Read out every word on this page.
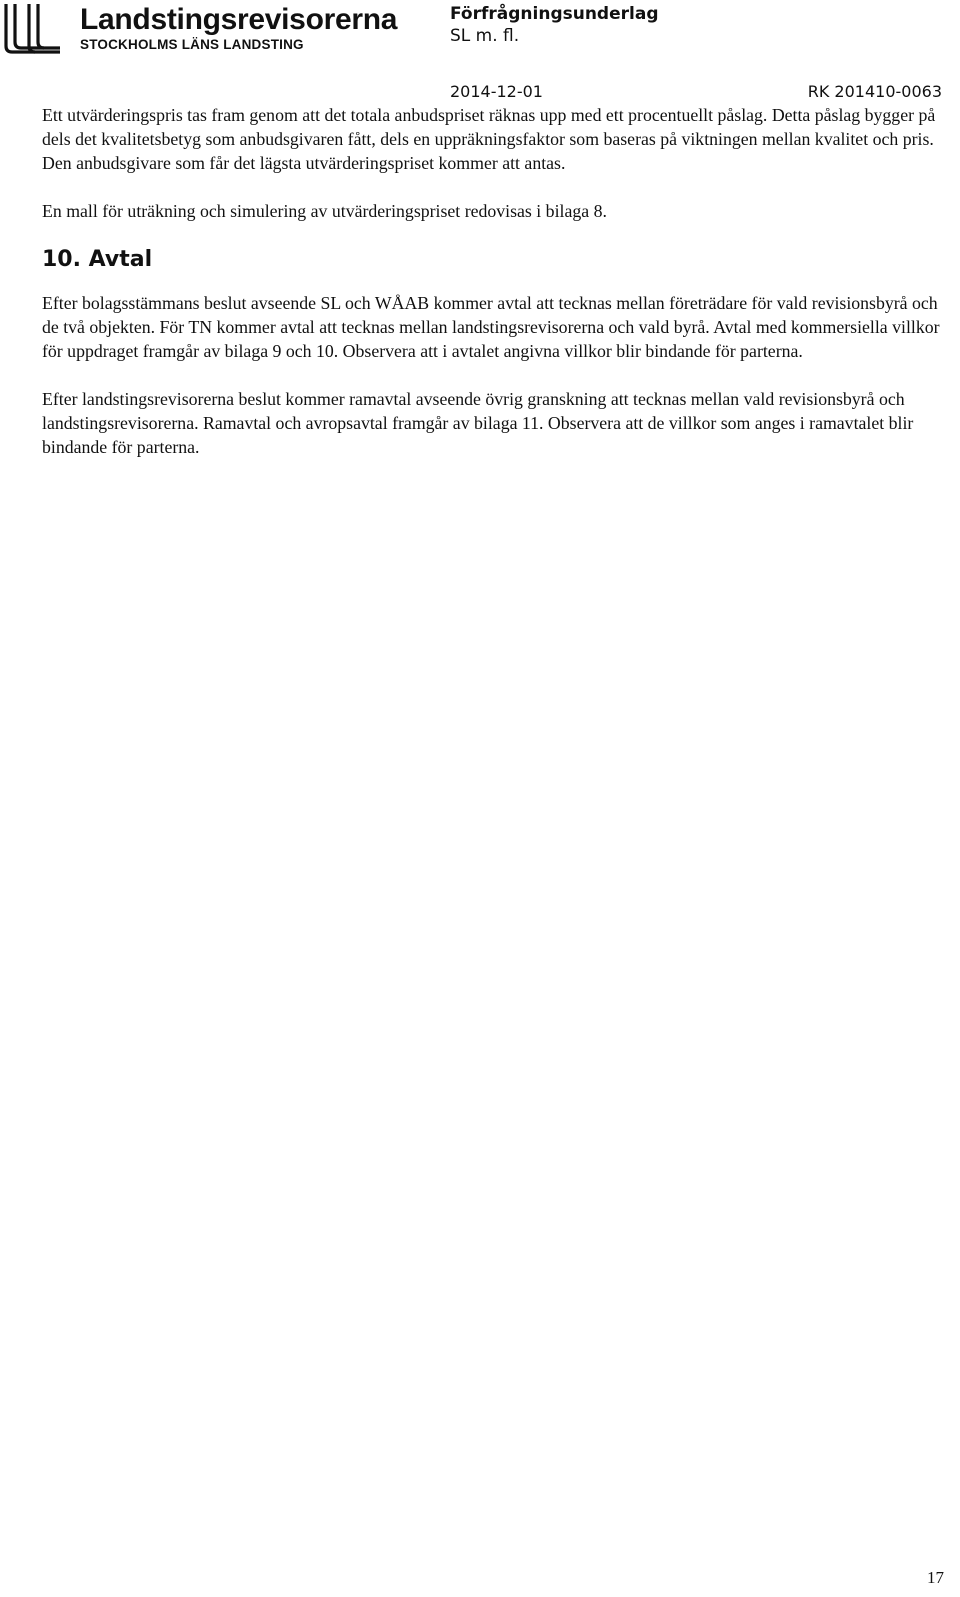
Landstingsrevisorerna
STOCKHOLMS LÄNS LANDSTING
Förfrågningsunderlag
SL m. fl.
2014-12-01	RK 201410-0063

Ett utvärderingspris tas fram genom att det totala anbudspriset räknas upp med ett procentuellt påslag. Detta påslag bygger på dels det kvalitetsbetyg som anbudsgivaren fått, dels en uppräkningsfaktor som baseras på viktningen mellan kvalitet och pris. Den anbudsgivare som får det lägsta utvärderingspriset kommer att antas.

En mall för uträkning och simulering av utvärderingspriset redovisas i bilaga 8.

10. Avtal

Efter bolagsstämmans beslut avseende SL och WÅAB kommer avtal att tecknas mellan företrädare för vald revisionsbyrå och de två objekten. För TN kommer avtal att tecknas mellan landstingsrevisorerna och vald byrå. Avtal med kommersiella villkor för uppdraget framgår av bilaga 9 och 10. Observera att i avtalet angivna villkor blir bindande för parterna.

Efter landstingsrevisorerna beslut kommer ramavtal avseende övrig granskning att tecknas mellan vald revisionsbyrå och landstingsrevisorerna. Ramavtal och avropsavtal framgår av bilaga 11. Observera att de villkor som anges i ramavtalet blir bindande för parterna.

17
